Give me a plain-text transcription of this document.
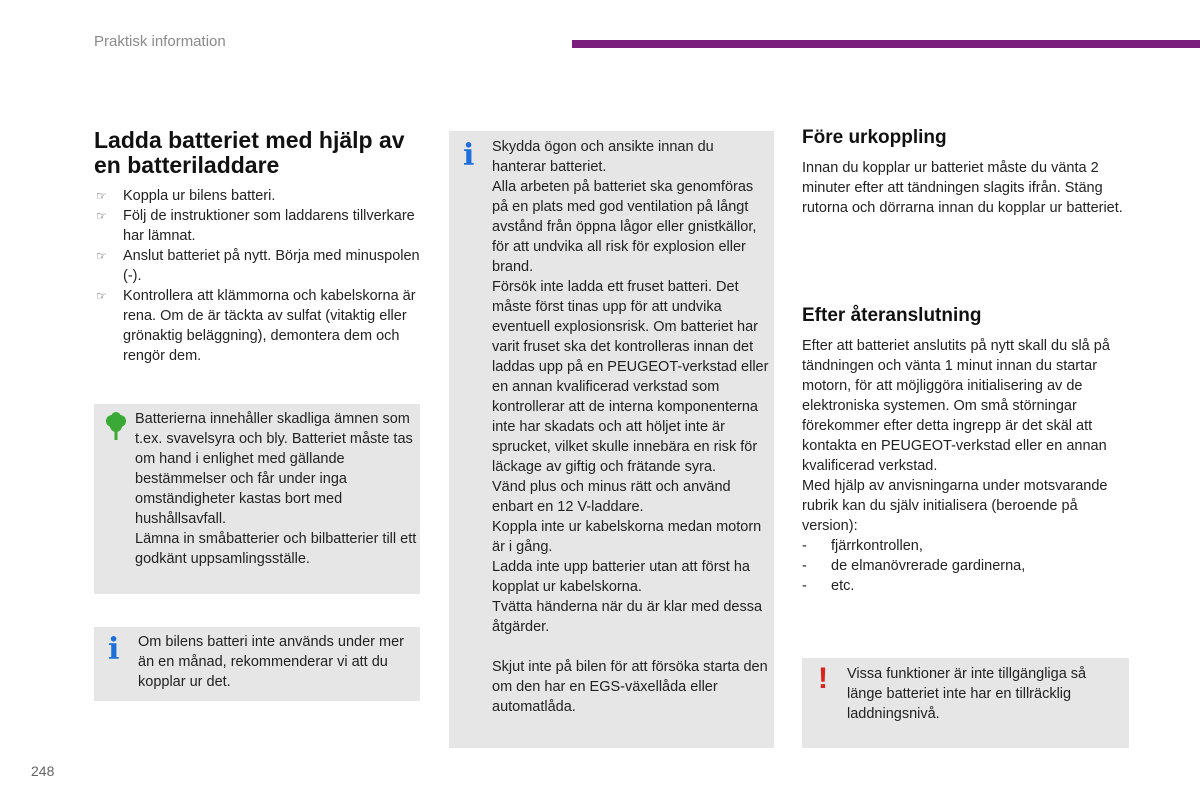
Praktisk information
Ladda batteriet med hjälp av en batteriladdare
☞ Koppla ur bilens batteri.
☞ Följ de instruktioner som laddarens tillverkare har lämnat.
☞ Anslut batteriet på nytt. Börja med minuspolen (-).
☞ Kontrollera att klämmorna och kabelskorna är rena. Om de är täckta av sulfat (vitaktig eller grönaktig beläggning), demontera dem och rengör dem.

Batterierna innehåller skadliga ämnen som t.ex. svavelsyra och bly. Batteriet måste tas om hand i enlighet med gällande bestämmelser och får under inga omständigheter kastas bort med hushållsavfall.

Lämna in småbatterier och bilbatterier till ett godkänt uppsamlingsställe.

i Om bilens batteri inte används under mer än en månad, rekommenderar vi att du kopplar ur det.

i Skydda ögon och ansikte innan du hanterar batteriet.

Alla arbeten på batteriet ska genomföras på en plats med god ventilation på långt avstånd från öppna lågor eller gnistkällor, för att undvika all risk för explosion eller brand.

Försök inte ladda ett fruset batteri. Det måste först tinas upp för att undvika eventuell explosionsrisk. Om batteriet har varit fruset ska det kontrolleras innan det laddas upp på en PEUGEOT-verkstad eller en annan kvalificerad verkstad som kontrollerar att de interna komponenterna inte har skadats och att höljet inte är sprucket, vilket skulle innebära en risk för läckage av giftig och frätande syra.

Vänd plus och minus rätt och använd enbart en 12 V-laddare.

Koppla inte ur kabelskorna medan motorn är i gång.

Ladda inte upp batterier utan att först ha kopplat ur kabelskorna.

Tvätta händerna när du är klar med dessa åtgärder.

Skjut inte på bilen för att försöka starta den om den har en EGS-växellåda eller automatlåda.

Före urkoppling

Innan du kopplar ur batteriet måste du vänta 2 minuter efter att tändningen slagits ifrån. Stäng rutorna och dörrarna innan du kopplar ur batteriet.

Efter återanslutning

Efter att batteriet anslutits på nytt skall du slå på tändningen och vänta 1 minut innan du startar motorn, för att möjliggöra initialisering av de elektroniska systemen. Om små störningar förekommer efter detta ingrepp är det skäl att kontakta en PEUGEOT-verkstad eller en annan kvalificerad verkstad.

Med hjälp av anvisningarna under motsvarande rubrik kan du själv initialisera (beroende på version):

- fjärrkontrollen,
- de elmanövrerade gardinerna,
- etc.
! Vissa funktioner är inte tillgängliga så länge batteriet inte har en tillräcklig laddningsnivå.

248
